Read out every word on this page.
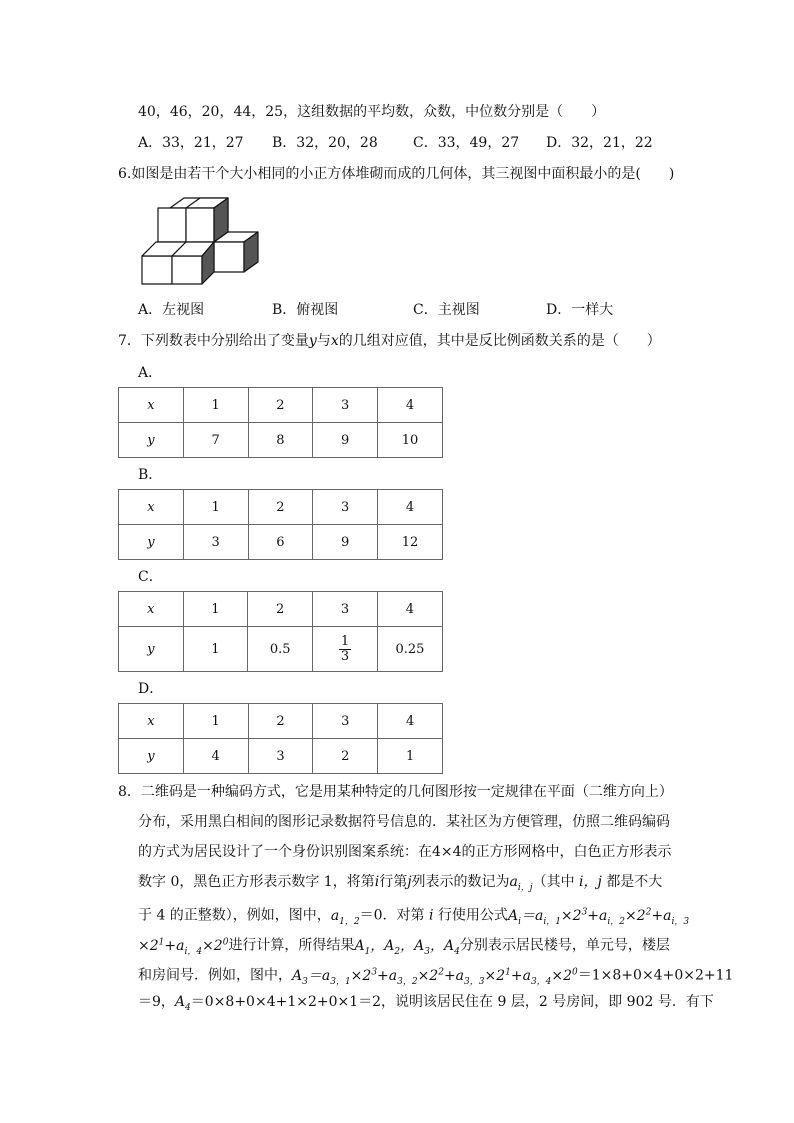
40，46，20，44，25，这组数据的平均数，众数，中位数分别是（　　）
A．33，21，27 B．32，20，28	C．33，49，27 D．32，21，22
6.如图是由若干个大小相同的小正方体堆砌而成的几何体，其三视图中面积最小的是(　　)
A．左视图	B．俯视图	C．主视图	D．一样大
7．下列数表中分别给出了变量y与x的几组对应值，其中是反比例函数关系的是（　　）
A．
x	1	2	3	4
y	7	8	9	10
B．
x	1	2	3	4
y	3	6	9	12
C．
x	1	2	3	4
y	1	0.5	$\frac{1}{3}$	0.25
D．
x	1	2	3	4
y	4	3	2	1
8．二维码是一种编码方式，它是用某种特定的几何图形按一定规律在平面（二维方向上）
分布，采用黑白相间的图形记录数据符号信息的．某社区为方便管理，仿照二维码编码
的方式为居民设计了一个身份识别图案系统：在4×4的正方形网格中，白色正方形表示
数字 0，黑色正方形表示数字 1，将第i行第j列表示的数记为$a_{i,j}$（其中 i，j 都是不大
于 4 的正整数），例如，图中，$a_{1,2}=0$．对第 i 行使用公式$A_i=a_{i,1}\times 2^3+a_{i,2}\times 2^2+a_{i,3}$
$\times 2^1+a_{i,4}\times 2^0$进行计算，所得结果$A_1$，$A_2$，$A_3$，$A_4$分别表示居民楼号，单元号，楼层
和房间号．例如，图中，$A_3=a_{3,1}\times 2^3+a_{3,2}\times 2^2+a_{3,3}\times 2^1+a_{3,4}\times 2^0=1\times 8+0\times 4+0\times 2+11$
＝9，$A_4=0\times 8+0\times 4+1\times 2+0\times 1=2$，说明该居民住在 9 层，2 号房间，即 902 号．有下
